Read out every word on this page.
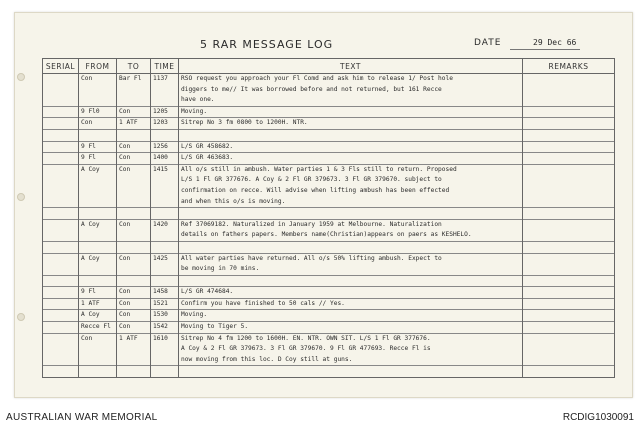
5 RAR MESSAGE LOG	DATE	29 Dec 66
SERIAL	FROM	TO	TIME	TEXT	REMARKS
	Con	Bar Fl	1137	RSO request you approach your Fl Comd and ask him to release 1/ Post hole	
				diggers to me// It was borrowed before and not returned, but 161 Recce	
				have one.	
	9 Fl0	Con	1205	Moving.	
	Con	1 ATF	1203	Sitrep No 3 fm 0800 to 1200H. NTR.	

	9 Fl	Con	1256	L/S GR 458682.	
	9 Fl	Con	1400	L/S GR 463683.	
	A Coy	Con	1415	All o/s still in ambush. Water parties 1 & 3 Fls still to return. Proposed	
				L/S 1 Fl GR 377676. A Coy & 2 Fl GR 379673. 3 Fl GR 379670. subject to	
				confirmation on recce. Will advise when lifting ambush has been effected	
				and when this o/s is moving.	

	A Coy	Con	1420	Ref 37069182. Naturalized in January 1959 at Melbourne. Naturalization	
				details on fathers papers. Members name(Christian)appears on paers as KESHELO.	

	A Coy	Con	1425	All water parties have returned. All o/s 50% lifting ambush. Expect to	
				be moving in 70 mins.	

	9 Fl	Con	1458	L/S GR 474684.	
	1 ATF	Con	1521	Confirm you have finished to 50 cals // Yes.	
	A Coy	Con	1530	Moving.	
	Recce Fl	Con	1542	Moving to Tiger 5.	
	Con	1 ATF	1610	Sitrep No 4 fm 1200 to 1600H. EN. NTR. OWN SIT. L/S 1 Fl GR 377676.	
				A Coy & 2 Fl GR 379673. 3 Fl GR 379670. 9 Fl GR 477693. Recce Fl is	
				now moving from this loc. D Coy still at guns.	

AUSTRALIAN WAR MEMORIAL	RCDIG1030091
